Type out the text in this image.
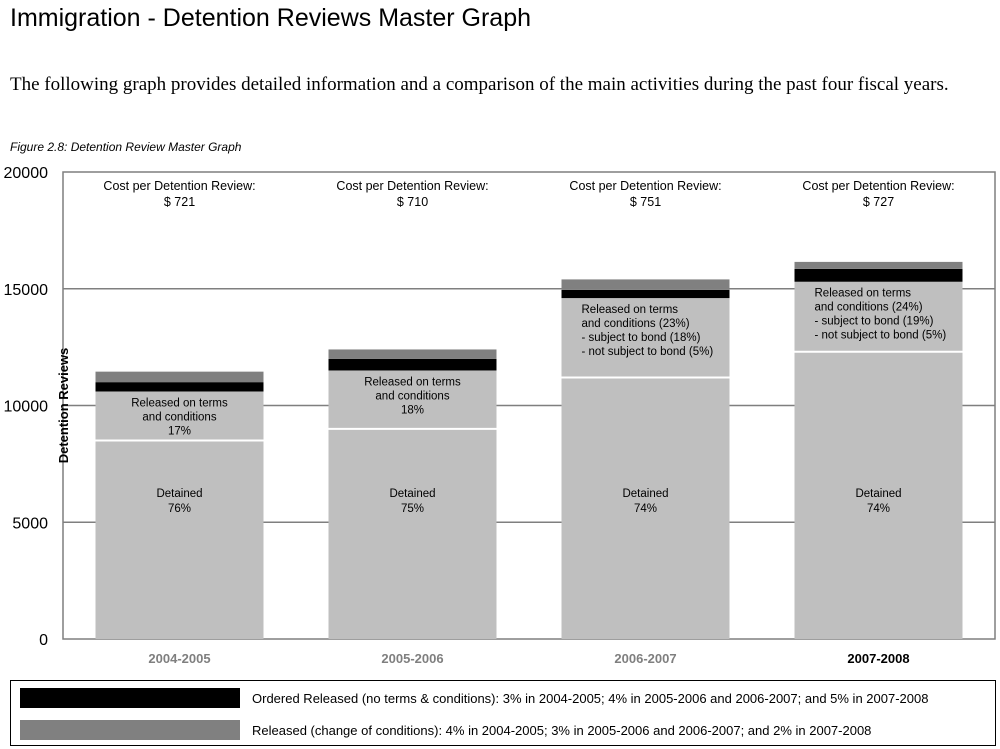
Immigration - Detention Reviews Master Graph

The following graph provides detailed information and a comparison of the main activities during the past four fiscal years.

Figure 2.8: Detention Review Master Graph

Detained
76%
Released on terms
and conditions
17%
Cost per Detention Review:
$ 721
Detained
75%
Released on terms
and conditions
18%
Cost per Detention Review:
$ 710
Detained
74%
Released on terms
and conditions (23%)
- subject to bond (18%)
- not subject to bond (5%)
Cost per Detention Review:
$ 751
Detained
74%
Released on terms
and conditions (24%)
- subject to bond (19%)
- not subject to bond (5%)
Cost per Detention Review:
$ 727
0
5000
10000
15000
20000
Detention Reviews
2004-2005	2005-2006	2006-2007	2007-2008
Ordered Released (no terms & conditions): 3% in 2004-2005; 4% in 2005-2006 and 2006-2007; and 5% in 2007-2008
Released (change of conditions): 4% in 2004-2005; 3% in 2005-2006 and 2006-2007; and 2% in 2007-2008
